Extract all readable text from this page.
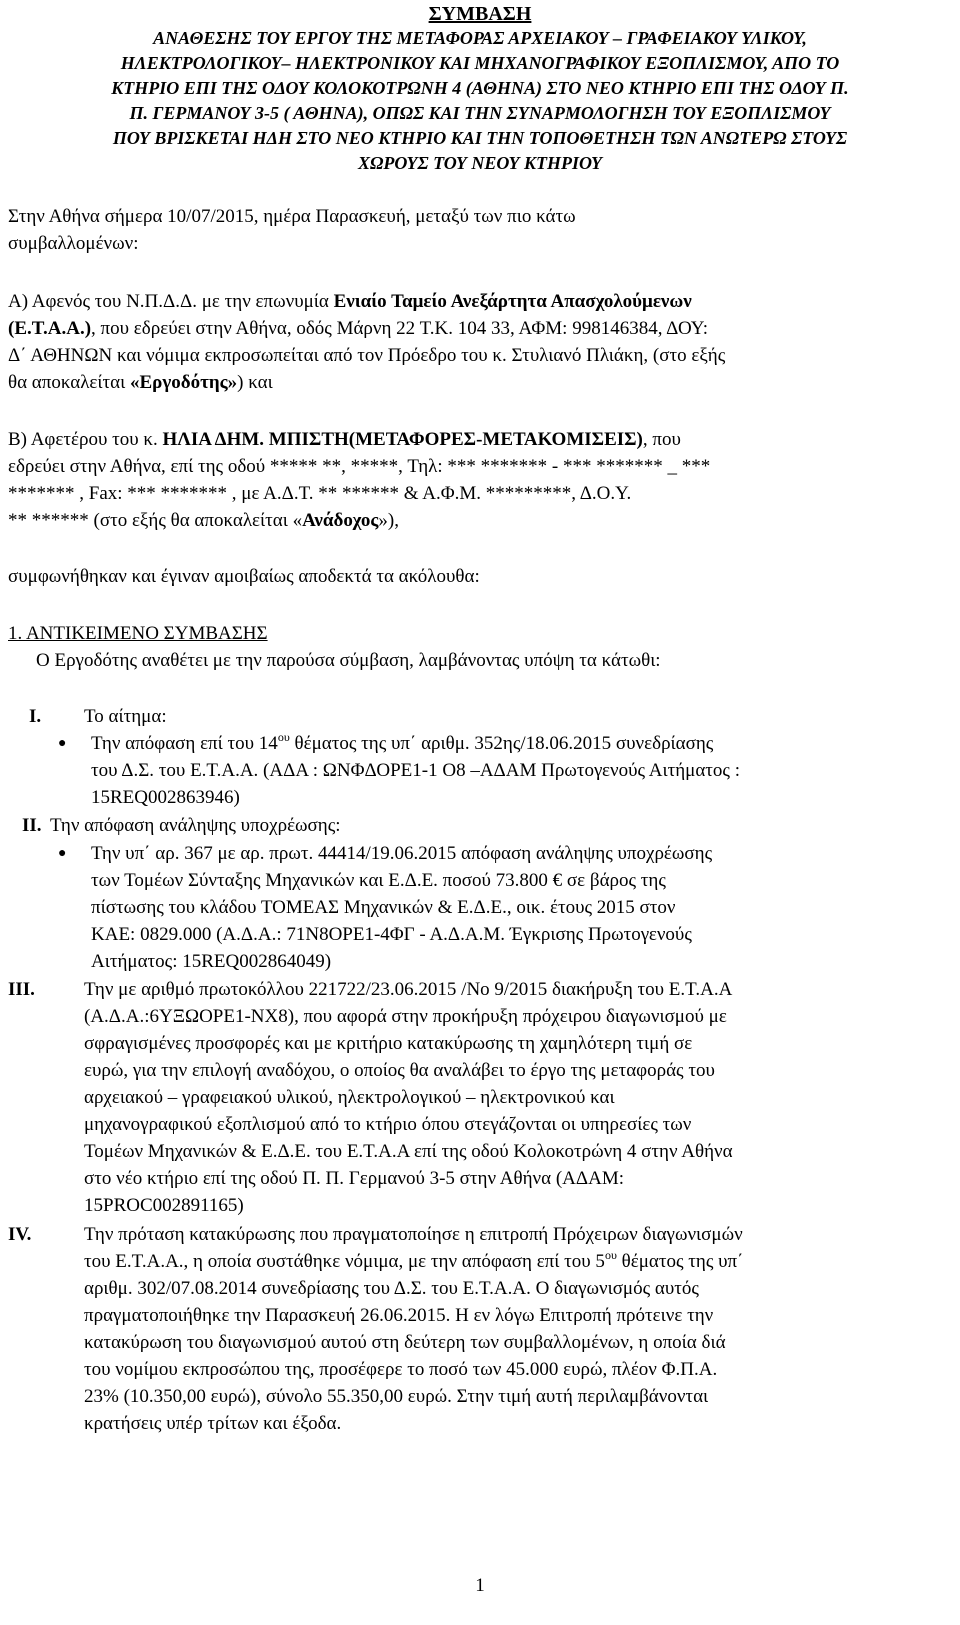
ΣΥΜΒΑΣΗ
ΑΝΑΘΕΣΗΣ ΤΟΥ ΕΡΓΟΥ ΤΗΣ ΜΕΤΑΦΟΡΑΣ ΑΡΧΕΙΑΚΟΥ – ΓΡΑΦΕΙΑΚΟΥ ΥΛΙΚΟΥ,
ΗΛΕΚΤΡΟΛΟΓΙΚΟΥ– ΗΛΕΚΤΡΟΝΙΚΟΥ ΚΑΙ ΜΗΧΑΝΟΓΡΑΦΙΚΟΥ ΕΞΟΠΛΙΣΜΟΥ, ΑΠΟ ΤΟ
ΚΤΗΡΙΟ ΕΠΙ ΤΗΣ ΟΔΟΥ ΚΟΛΟΚΟΤΡΩΝΗ 4 (ΑΘΗΝΑ) ΣΤΟ ΝΕΟ ΚΤΗΡΙΟ ΕΠΙ ΤΗΣ ΟΔΟΥ Π.
Π. ΓΕΡΜΑΝΟΥ 3-5 ( ΑΘΗΝΑ), ΟΠΩΣ ΚΑΙ ΤΗΝ ΣΥΝΑΡΜΟΛΟΓΗΣΗ ΤΟΥ ΕΞΟΠΛΙΣΜΟΥ
ΠΟΥ ΒΡΙΣΚΕΤΑΙ ΗΔΗ ΣΤΟ ΝΕΟ ΚΤΗΡΙΟ ΚΑΙ ΤΗΝ ΤΟΠΟΘΕΤΗΣΗ ΤΩΝ ΑΝΩΤΕΡΩ ΣΤΟΥΣ
ΧΩΡΟΥΣ ΤΟΥ ΝΕΟΥ ΚΤΗΡΙΟΥ
Στην Αθήνα σήμερα 10/07/2015, ημέρα Παρασκευή, μεταξύ των πιο κάτω
συμβαλλομένων:
Α) Αφενός του Ν.Π.Δ.Δ. με την επωνυμία Ενιαίο Ταμείο Ανεξάρτητα Απασχολούμενων
(Ε.Τ.Α.Α.), που εδρεύει στην Αθήνα, οδός Μάρνη 22 Τ.Κ. 104 33, ΑΦΜ: 998146384, ΔΟΥ:
Δ΄ ΑΘΗΝΩΝ και νόμιμα εκπροσωπείται από τον Πρόεδρο του κ. Στυλιανό Πλιάκη, (στο εξής
θα αποκαλείται «Εργοδότης») και
Β) Αφετέρου του κ. ΗΛΙΑ ΔΗΜ. ΜΠΙΣΤΗ(ΜΕΤΑΦΟΡΕΣ-ΜΕΤΑΚΟΜΙΣΕΙΣ), που
εδρεύει στην Αθήνα, επί της οδού ***** **, *****, Τηλ: *** ******* - *** ******* _ ***
******* , Fax: *** ******* , με Α.Δ.Τ. ** ****** & Α.Φ.Μ. *********, Δ.Ο.Υ.
** ****** (στο εξής θα αποκαλείται «Ανάδοχος»),
συμφωνήθηκαν και έγιναν αμοιβαίως αποδεκτά τα ακόλουθα:
1. ΑΝΤΙΚΕΙΜΕΝΟ ΣΥΜΒΑΣΗΣ
Ο Εργοδότης αναθέτει με την παρούσα σύμβαση, λαμβάνοντας υπόψη τα κάτωθι:
I. Το αίτημα:
● Την απόφαση επί του $14^{o\upsilon}$ θέματος της υπ΄ αριθμ. 352ης/18.06.2015 συνεδρίασης
του Δ.Σ. του Ε.Τ.Α.Α. (ΑΔΑ : ΩΝΦΔΟΡΕ1-1 Ο8 –ΑΔΑΜ Πρωτογενούς Αιτήματος :
15REQ002863946)
II. Την απόφαση ανάληψης υποχρέωσης:
● Την υπ΄ αρ. 367 με αρ. πρωτ. 44414/19.06.2015 απόφαση ανάληψης υποχρέωσης
των Τομέων Σύνταξης Μηχανικών και Ε.Δ.Ε. ποσού 73.800 € σε βάρος της
πίστωσης του κλάδου ΤΟΜΕΑΣ Μηχανικών & Ε.Δ.Ε., οικ. έτους 2015 στον
ΚΑΕ: 0829.000 (Α.Δ.Α.: 71Ν8ΟΡΕ1-4ΦΓ - Α.Δ.Α.Μ. Έγκρισης Πρωτογενούς
Αιτήματος: 15REQ002864049)
III.	Την με αριθμό πρωτοκόλλου 221722/23.06.2015 /Νο 9/2015 διακήρυξη του Ε.Τ.Α.Α
(Α.Δ.Α.:6ΥΞΩΟΡΕ1-ΝΧ8), που αφορά στην προκήρυξη πρόχειρου διαγωνισμού με
σφραγισμένες προσφορές και με κριτήριο κατακύρωσης τη χαμηλότερη τιμή σε
ευρώ, για την επιλογή αναδόχου, ο οποίος θα αναλάβει το έργο της μεταφοράς του
αρχειακού – γραφειακού υλικού, ηλεκτρολογικού – ηλεκτρονικού και
μηχανογραφικού εξοπλισμού από το κτήριο όπου στεγάζονται οι υπηρεσίες των
Τομέων Μηχανικών & Ε.Δ.Ε. του Ε.Τ.Α.Α επί της οδού Κολοκοτρώνη 4 στην Αθήνα
στο νέο κτήριο επί της οδού Π. Π. Γερμανού 3-5 στην Αθήνα (ΑΔΑΜ:
15PROC002891165)
IV.	Την πρόταση κατακύρωσης που πραγματοποίησε η επιτροπή Πρόχειρων διαγωνισμών
του Ε.Τ.Α.Α., η οποία συστάθηκε νόμιμα, με την απόφαση επί του $5^{o\upsilon}$ θέματος της υπ΄
αριθμ. 302/07.08.2014 συνεδρίασης του Δ.Σ. του Ε.Τ.Α.Α. Ο διαγωνισμός αυτός
πραγματοποιήθηκε την Παρασκευή 26.06.2015. Η εν λόγω Επιτροπή πρότεινε την
κατακύρωση του διαγωνισμού αυτού στη δεύτερη των συμβαλλομένων, η οποία διά
του νομίμου εκπροσώπου της, προσέφερε το ποσό των 45.000 ευρώ, πλέον Φ.Π.Α.
23% (10.350,00 ευρώ), σύνολο 55.350,00 ευρώ. Στην τιμή αυτή περιλαμβάνονται
κρατήσεις υπέρ τρίτων και έξοδα.
1
